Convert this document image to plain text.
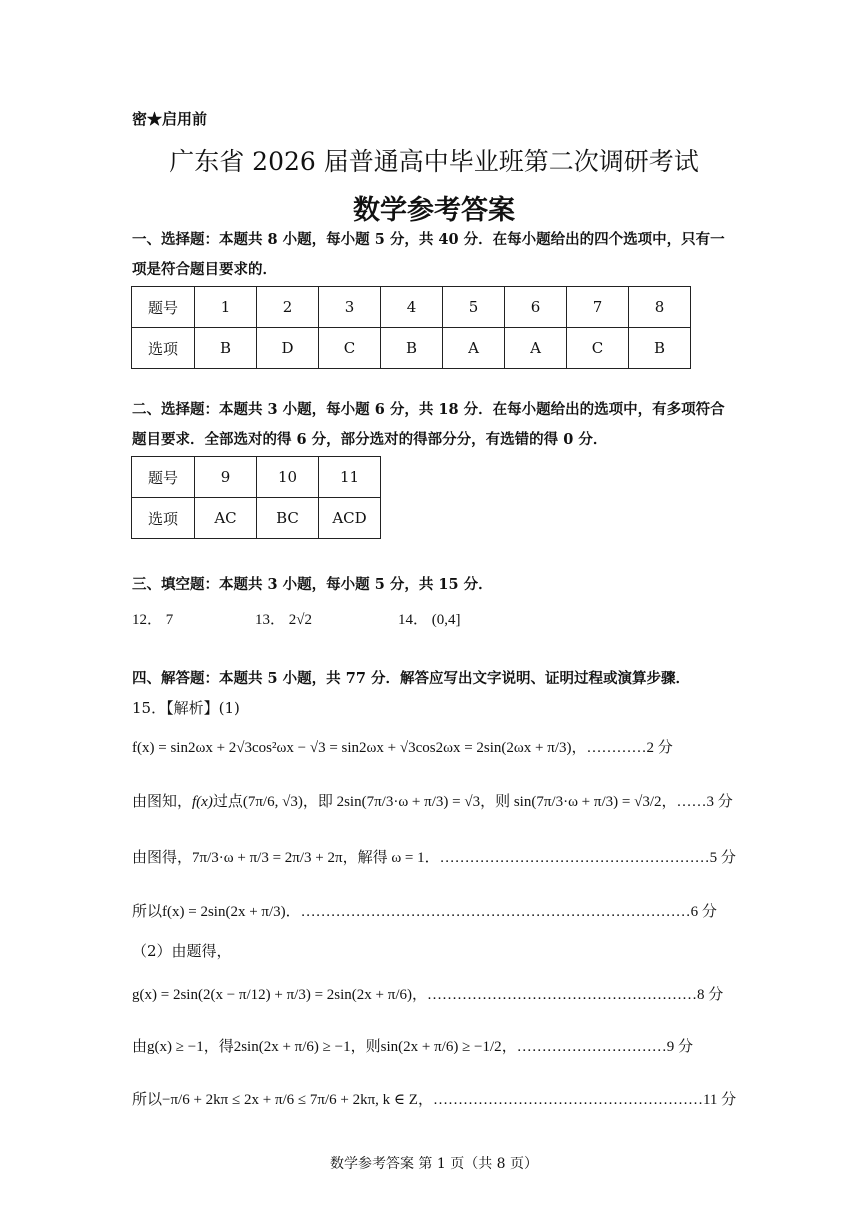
密★启用前
广东省 2026 届普通高中毕业班第二次调研考试
数学参考答案
一、选择题：本题共 8 小题，每小题 5 分，共 40 分．在每小题给出的四个选项中，只有一
项是符合题目要求的．
题号	1	2	3	4	5	6	7	8
选项	B	D	C	B	A	A	C	B
二、选择题：本题共 3 小题，每小题 6 分，共 18 分．在每小题给出的选项中，有多项符合
题目要求．全部选对的得 6 分，部分选对的得部分分，有选错的得 0 分．
题号	9	10	11
选项	AC	BC	ACD
三、填空题：本题共 3 小题，每小题 5 分，共 15 分．
12． 7	13． 2√2	14． (0,4]
四、解答题：本题共 5 小题，共 77 分．解答应写出文字说明、证明过程或演算步骤．
15．【解析】(1)
f(x) = sin2ωx + 2√3cos²ωx − √3 = sin2ωx + √3cos2ωx = 2sin(2ωx + π/3)，…………2 分
由图知，f(x)过点(7π/6, √3)，即 2sin(7π/3·ω + π/3) = √3，则 sin(7π/3·ω + π/3) = √3/2，……3 分
由图得，7π/3·ω + π/3 = 2π/3 + 2π，解得 ω = 1．………………………………………………5 分
所以f(x) = 2sin(2x + π/3)．……………………………………………………………………6 分
（2）由题得，
g(x) = 2sin(2(x − π/12) + π/3) = 2sin(2x + π/6)，………………………………………………8 分
由g(x) ≥ −1，得2sin(2x + π/6) ≥ −1，则sin(2x + π/6) ≥ −1/2，…………………………9 分
所以−π/6 + 2kπ ≤ 2x + π/6 ≤ 7π/6 + 2kπ, k ∈ Z，………………………………………………11 分
数学参考答案 第 1 页（共 8 页）
